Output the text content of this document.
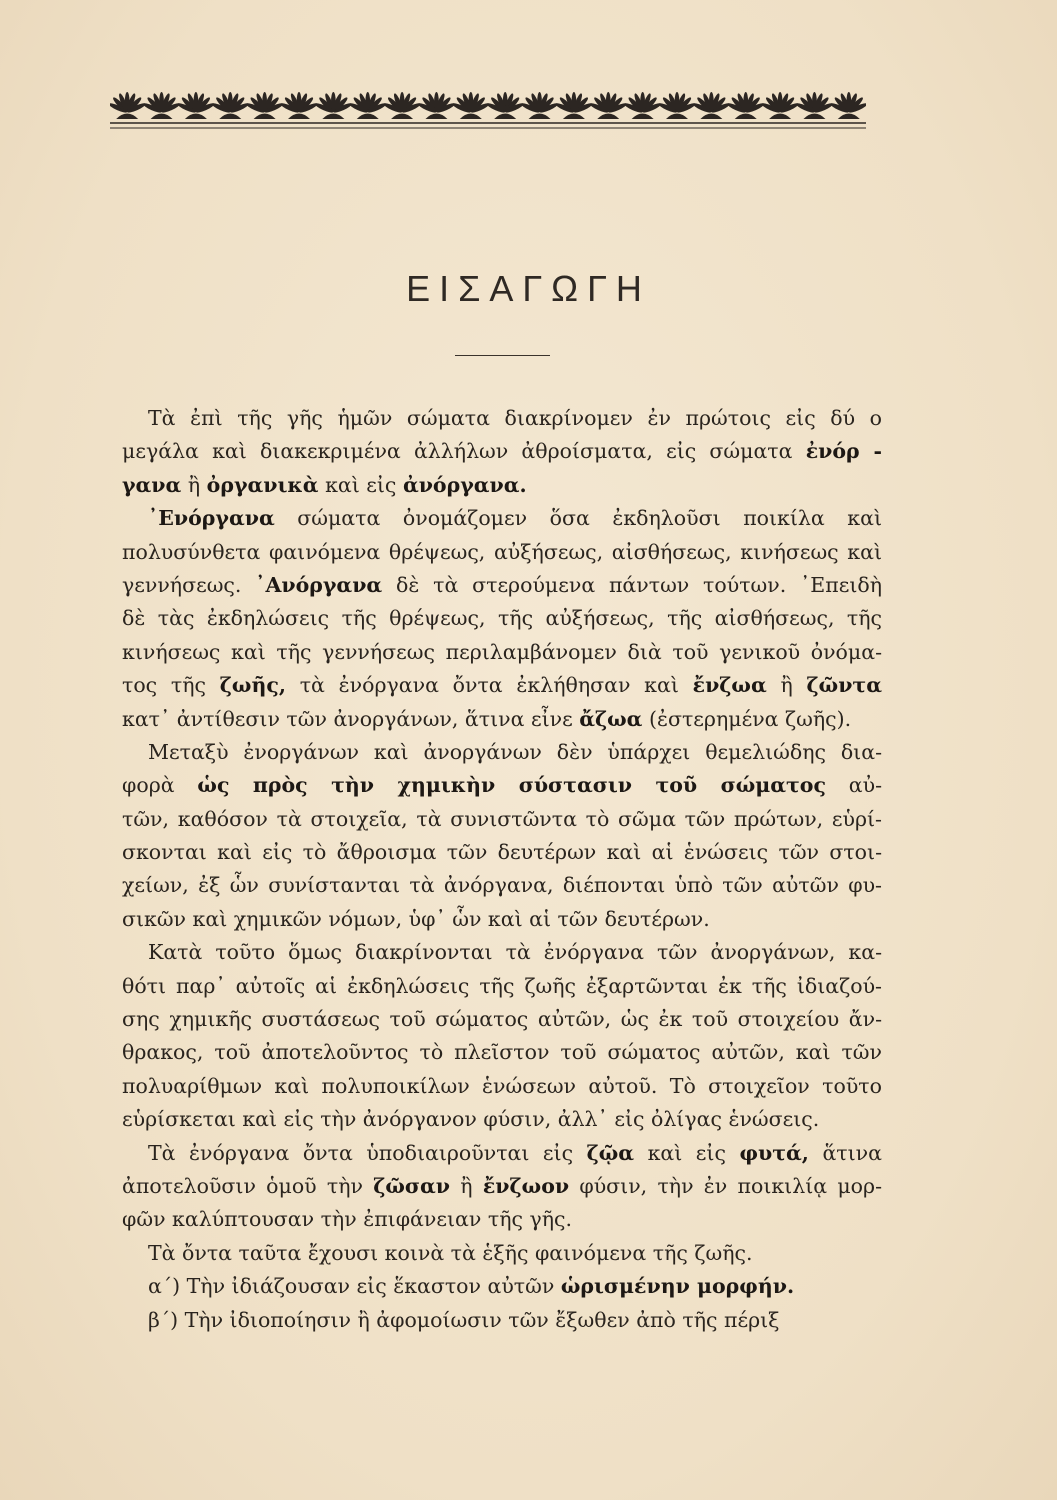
ΕΙΣΑΓΩΓΗ
Τὰ ἐπὶ τῆς γῆς ἡμῶν σώματα διακρίνομεν ἐν πρώτοις εἰς δύ ο
μεγάλα καὶ διακεκριμένα ἀλλήλων ἀθροίσματα, εἰς σώματα ἐνόρ -
γανα ἢ ὀργανικὰ καὶ εἰς ἀνόργανα.
᾿Ενόργανα σώματα ὀνομάζομεν ὅσα ἐκδηλοῦσι ποικίλα καὶ
πολυσύνθετα φαινόμενα θρέψεως, αὐξήσεως, αἰσθήσεως, κινήσεως καὶ
γεννήσεως. ᾿Ανόργανα δὲ τὰ στερούμενα πάντων τούτων. ᾿Επειδὴ
δὲ τὰς ἐκδηλώσεις τῆς θρέψεως, τῆς αὐξήσεως, τῆς αἰσθήσεως, τῆς
κινήσεως καὶ τῆς γεννήσεως περιλαμβάνομεν διὰ τοῦ γενικοῦ ὀνόμα-
τος τῆς ζωῆς, τὰ ἐνόργανα ὄντα ἐκλήθησαν καὶ ἔνζωα ἢ ζῶντα
κατ᾿ ἀντίθεσιν τῶν ἀνοργάνων, ἅτινα εἶνε ἄζωα (ἐστερημένα ζωῆς).
Μεταξὺ ἐνοργάνων καὶ ἀνοργάνων δὲν ὑπάρχει θεμελιώδης δια-
φορὰ ὡς πρὸς τὴν χημικὴν σύστασιν τοῦ σώματος αὐ-
τῶν, καθόσον τὰ στοιχεῖα, τὰ συνιστῶντα τὸ σῶμα τῶν πρώτων, εὑρί-
σκονται καὶ εἰς τὸ ἄθροισμα τῶν δευτέρων καὶ αἱ ἑνώσεις τῶν στοι-
χείων, ἐξ ὧν συνίστανται τὰ ἀνόργανα, διέπονται ὑπὸ τῶν αὐτῶν φυ-
σικῶν καὶ χημικῶν νόμων, ὑφ᾿ ὧν καὶ αἱ τῶν δευτέρων.
Κατὰ τοῦτο ὅμως διακρίνονται τὰ ἐνόργανα τῶν ἀνοργάνων, κα-
θότι παρ᾿ αὐτοῖς αἱ ἐκδηλώσεις τῆς ζωῆς ἐξαρτῶνται ἐκ τῆς ἰδιαζού-
σης χημικῆς συστάσεως τοῦ σώματος αὐτῶν, ὡς ἐκ τοῦ στοιχείου ἄν-
θρακος, τοῦ ἀποτελοῦντος τὸ πλεῖστον τοῦ σώματος αὐτῶν, καὶ τῶν
πολυαρίθμων καὶ πολυποικίλων ἑνώσεων αὐτοῦ. Τὸ στοιχεῖον τοῦτο
εὑρίσκεται καὶ εἰς τὴν ἀνόργανον φύσιν, ἀλλ᾿ εἰς ὀλίγας ἑνώσεις.
Τὰ ἐνόργανα ὄντα ὑποδιαιροῦνται εἰς ζῷα καὶ εἰς φυτά, ἅτινα
ἀποτελοῦσιν ὁμοῦ τὴν ζῶσαν ἢ ἔνζωον φύσιν, τὴν ἐν ποικιλίᾳ μορ-
φῶν καλύπτουσαν τὴν ἐπιφάνειαν τῆς γῆς.
Τὰ ὄντα ταῦτα ἔχουσι κοινὰ τὰ ἑξῆς φαινόμενα τῆς ζωῆς.
α΄) Τὴν ἰδιάζουσαν εἰς ἕκαστον αὐτῶν ὡρισμένην μορφήν.
β΄) Τὴν ἰδιοποίησιν ἢ ἀφομοίωσιν τῶν ἔξωθεν ἀπὸ τῆς πέριξ
